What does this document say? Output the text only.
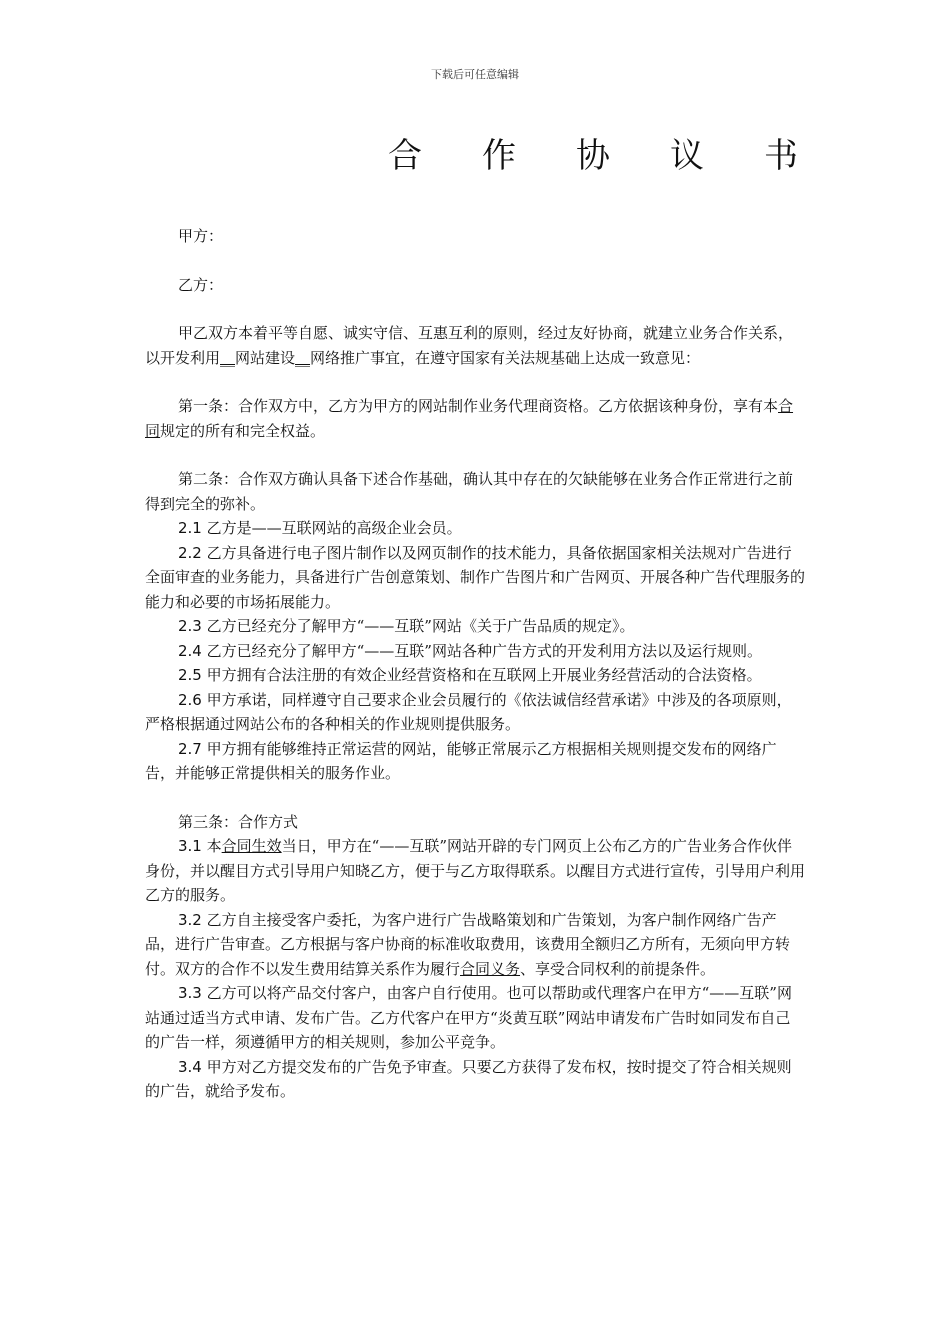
下载后可任意编辑
合	作	协	议	书

甲方：

乙方：

甲乙双方本着平等自愿、诚实守信、互惠互利的原则，经过友好协商，就建立业务合作关系，以开发利用__网站建设__网络推广事宜，在遵守国家有关法规基础上达成一致意见：

第一条：合作双方中，乙方为甲方的网站制作业务代理商资格。乙方依据该种身份，享有本合同规定的所有和完全权益。

第二条：合作双方确认具备下述合作基础，确认其中存在的欠缺能够在业务合作正常进行之前得到完全的弥补。

2.1 乙方是——互联网站的高级企业会员。

2.2 乙方具备进行电子图片制作以及网页制作的技术能力，具备依据国家相关法规对广告进行全面审查的业务能力，具备进行广告创意策划、制作广告图片和广告网页、开展各种广告代理服务的能力和必要的市场拓展能力。

2.3 乙方已经充分了解甲方“——互联”网站《关于广告品质的规定》。

2.4 乙方已经充分了解甲方“——互联”网站各种广告方式的开发利用方法以及运行规则。

2.5 甲方拥有合法注册的有效企业经营资格和在互联网上开展业务经营活动的合法资格。

2.6 甲方承诺，同样遵守自己要求企业会员履行的《依法诚信经营承诺》中涉及的各项原则，严格根据通过网站公布的各种相关的作业规则提供服务。

2.7 甲方拥有能够维持正常运营的网站，能够正常展示乙方根据相关规则提交发布的网络广告，并能够正常提供相关的服务作业。

第三条：合作方式

3.1 本合同生效当日，甲方在“——互联”网站开辟的专门网页上公布乙方的广告业务合作伙伴身份，并以醒目方式引导用户知晓乙方，便于与乙方取得联系。以醒目方式进行宣传，引导用户利用乙方的服务。

3.2 乙方自主接受客户委托，为客户进行广告战略策划和广告策划，为客户制作网络广告产品，进行广告审查。乙方根据与客户协商的标准收取费用，该费用全额归乙方所有，无须向甲方转付。双方的合作不以发生费用结算关系作为履行合同义务、享受合同权利的前提条件。

3.3 乙方可以将产品交付客户，由客户自行使用。也可以帮助或代理客户在甲方“——互联”网站通过适当方式申请、发布广告。乙方代客户在甲方“炎黄互联”网站申请发布广告时如同发布自己的广告一样，须遵循甲方的相关规则，参加公平竞争。

3.4 甲方对乙方提交发布的广告免予审查。只要乙方获得了发布权，按时提交了符合相关规则的广告，就给予发布。
